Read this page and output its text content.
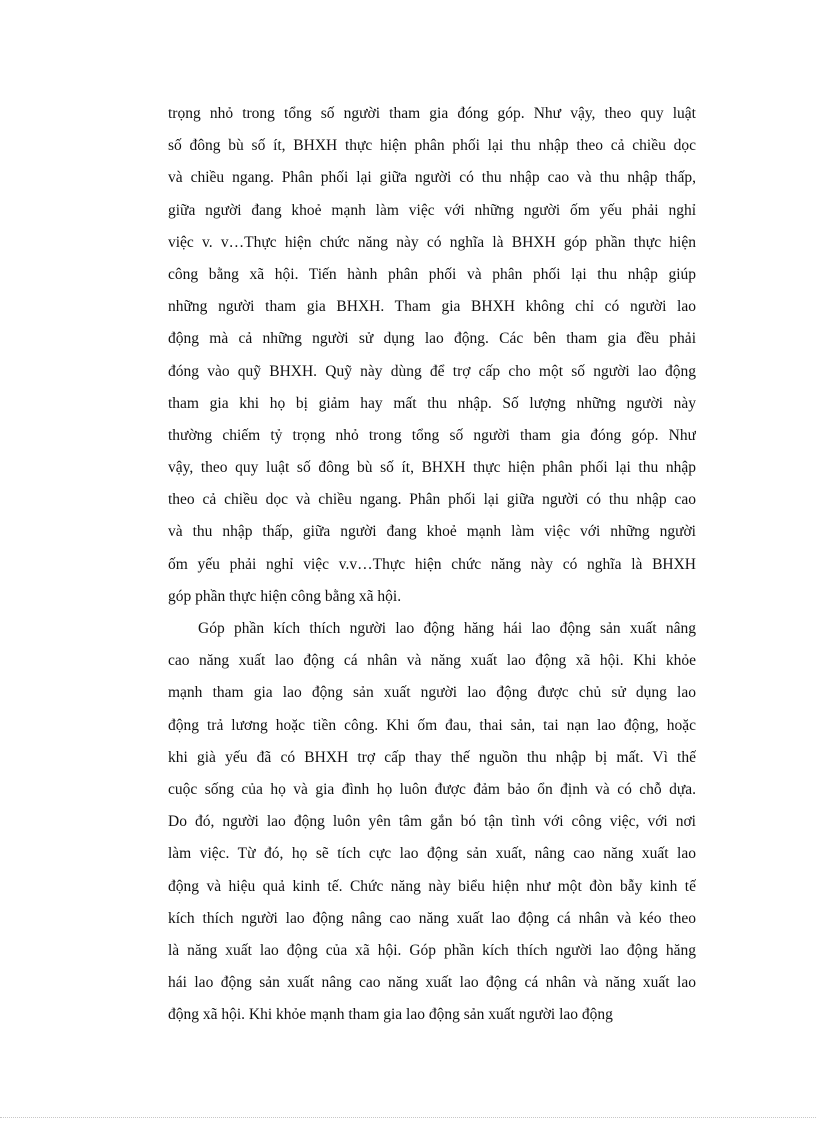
trọng nhỏ trong tổng số người tham gia đóng góp. Như vậy, theo quy luật
số đông bù số ít, BHXH thực hiện phân phối lại thu nhập theo cả chiều dọc
và chiều ngang. Phân phối lại giữa người có thu nhập cao và thu nhập thấp,
giữa người đang khoẻ mạnh làm việc với những người ốm yếu phải nghỉ
việc v. v…Thực hiện chức năng này có nghĩa là BHXH góp phần thực hiện
công bằng xã hội. Tiến hành phân phối và phân phối lại thu nhập giúp
những người tham gia BHXH. Tham gia BHXH không chỉ có người lao
động mà cả những người sử dụng lao động. Các bên tham gia đều phải
đóng vào quỹ BHXH. Quỹ này dùng để trợ cấp cho một số người lao động
tham gia khi họ bị giảm hay mất thu nhập. Số lượng những người này
thường chiếm tỷ trọng nhỏ trong tổng số người tham gia đóng góp. Như
vậy, theo quy luật số đông bù số ít, BHXH thực hiện phân phối lại thu nhập
theo cả chiều dọc và chiều ngang. Phân phối lại giữa người có thu nhập cao
và thu nhập thấp, giữa người đang khoẻ mạnh làm việc với những người
ốm yếu phải nghỉ việc v.v…Thực hiện chức năng này có nghĩa là BHXH
góp phần thực hiện công bằng xã hội.
Góp phần kích thích người lao động hăng hái lao động sản xuất nâng
cao năng xuất lao động cá nhân và năng xuất lao động xã hội. Khi khỏe
mạnh tham gia lao động sản xuất người lao động được chủ sử dụng lao
động trả lương hoặc tiền công. Khi ốm đau, thai sản, tai nạn lao động, hoặc
khi già yếu đã có BHXH trợ cấp thay thế nguồn thu nhập bị mất. Vì thế
cuộc sống của họ và gia đình họ luôn được đảm bảo ổn định và có chỗ dựa.
Do đó, người lao động luôn yên tâm gắn bó tận tình với công việc, với nơi
làm việc. Từ đó, họ sẽ tích cực lao động sản xuất, nâng cao năng xuất lao
động và hiệu quả kinh tế. Chức năng này biểu hiện như một đòn bẫy kinh tế
kích thích người lao động nâng cao năng xuất lao động cá nhân và kéo theo
là năng xuất lao động của xã hội. Góp phần kích thích người lao động hăng
hái lao động sản xuất nâng cao năng xuất lao động cá nhân và năng xuất lao
động xã hội. Khi khỏe mạnh tham gia lao động sản xuất người lao động
